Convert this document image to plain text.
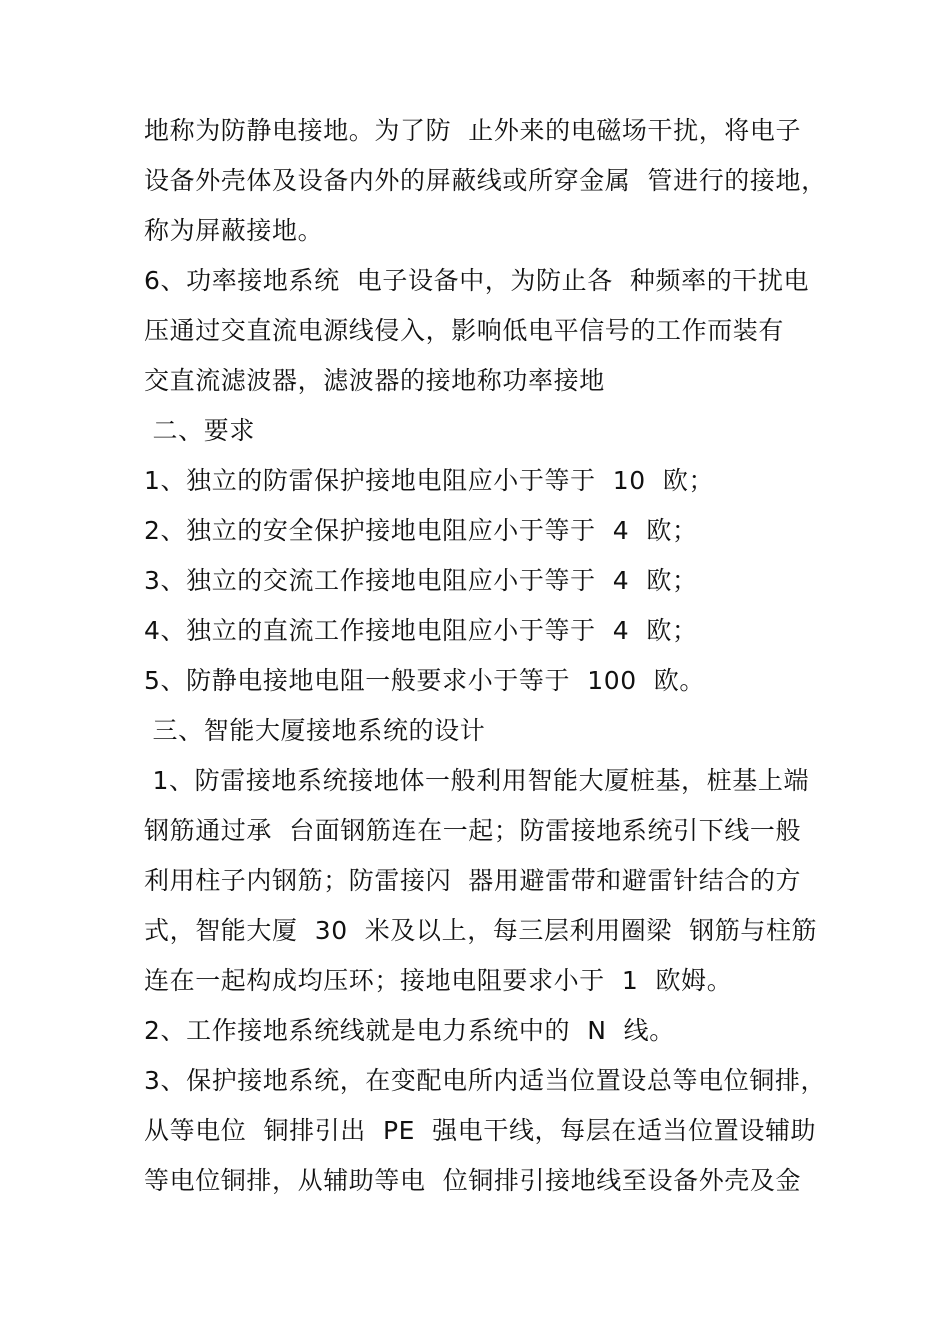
地称为防静电接地。为了防  止外来的电磁场干扰，将电子
设备外壳体及设备内外的屏蔽线或所穿金属  管进行的接地，
称为屏蔽接地。
6、功率接地系统  电子设备中，为防止各  种频率的干扰电
压通过交直流电源线侵入，影响低电平信号的工作而装有
交直流滤波器，滤波器的接地称功率接地
二、要求
1、独立的防雷保护接地电阻应小于等于  10  欧；
2、独立的安全保护接地电阻应小于等于  4  欧；
3、独立的交流工作接地电阻应小于等于  4  欧；
4、独立的直流工作接地电阻应小于等于  4  欧；
5、防静电接地电阻一般要求小于等于  100  欧。
三、智能大厦接地系统的设计
1、防雷接地系统接地体一般利用智能大厦桩基，桩基上端
钢筋通过承  台面钢筋连在一起；防雷接地系统引下线一般
利用柱子内钢筋；防雷接闪  器用避雷带和避雷针结合的方
式，智能大厦  30  米及以上，每三层利用圈梁  钢筋与柱筋
连在一起构成均压环；接地电阻要求小于  1  欧姆。
2、工作接地系统线就是电力系统中的  N  线。
3、保护接地系统，在变配电所内适当位置设总等电位铜排，
从等电位  铜排引出  PE  强电干线，每层在适当位置设辅助
等电位铜排，从辅助等电  位铜排引接地线至设备外壳及金
